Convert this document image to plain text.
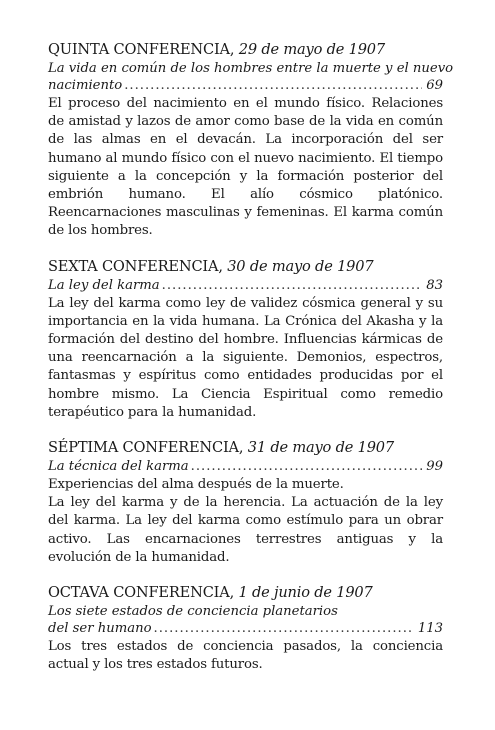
QUINTA CONFERENCIA, 29 de mayo de 1907
La vida en común de los hombres entre la muerte y el nuevo
nacimiento .....	69

El proceso del nacimiento en el mundo físico. Relaciones de amistad y lazos de amor como base de la vida en común de las almas en el devacán. La incorporación del ser humano al mundo físico con el nuevo nacimiento. El tiempo siguiente a la concepción y la formación posterior del embrión humano. El alío cósmico platónico. Reencarnaciones masculinas y femeninas. El karma común de los hombres.

SEXTA CONFERENCIA, 30 de mayo de 1907
La ley del karma .....	83

La ley del karma como ley de validez cósmica general y su importancia en la vida humana. La Crónica del Akasha y la formación del destino del hombre. Influencias kármicas de una reencarnación a la siguiente. Demonios, espectros, fantasmas y espíritus como entidades producidas por el hombre mismo. La Ciencia Espiritual como remedio terapéutico para la humanidad.

SÉPTIMA CONFERENCIA, 31 de mayo de 1907
La técnica del karma .....	99

Experiencias del alma después de la muerte.

La ley del karma y de la herencia. La actuación de la ley del karma. La ley del karma como estímulo para un obrar activo. Las encarnaciones terrestres antiguas y la evolución de la humanidad.

OCTAVA CONFERENCIA, 1 de junio de 1907
Los siete estados de conciencia planetarios
del ser humano .....	113

Los tres estados de conciencia pasados, la conciencia actual y los tres estados futuros.
